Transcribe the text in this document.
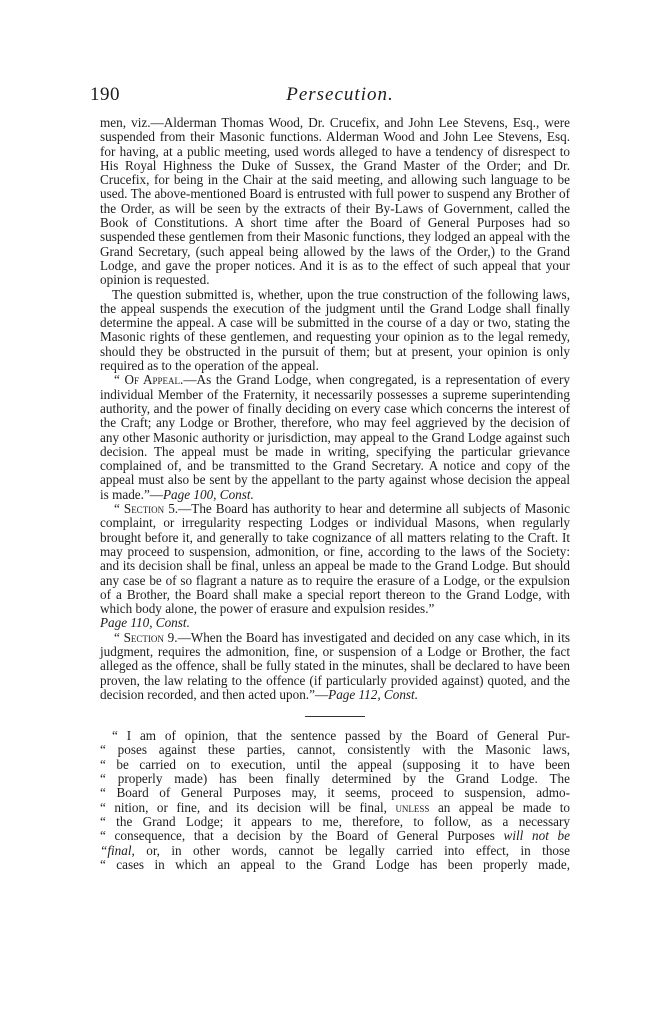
190	Persecution.

men, viz.—Alderman Thomas Wood, Dr. Crucefix, and John Lee Stevens, Esq., were suspended from their Masonic functions. Alderman Wood and John Lee Stevens, Esq. for having, at a public meeting, used words alleged to have a tendency of disrespect to His Royal Highness the Duke of Sussex, the Grand Master of the Order; and Dr. Crucefix, for being in the Chair at the said meeting, and allowing such language to be used. The above-mentioned Board is entrusted with full power to suspend any Brother of the Order, as will be seen by the extracts of their By-Laws of Government, called the Book of Constitutions. A short time after the Board of General Purposes had so suspended these gentlemen from their Masonic functions, they lodged an appeal with the Grand Secretary, (such appeal being allowed by the laws of the Order,) to the Grand Lodge, and gave the proper notices. And it is as to the effect of such appeal that your opinion is requested.

The question submitted is, whether, upon the true construction of the following laws, the appeal suspends the execution of the judgment until the Grand Lodge shall finally determine the appeal. A case will be submitted in the course of a day or two, stating the Masonic rights of these gentlemen, and requesting your opinion as to the legal remedy, should they be obstructed in the pursuit of them; but at present, your opinion is only required as to the operation of the appeal.

“ Of Appeal.—As the Grand Lodge, when congregated, is a representation of every individual Member of the Fraternity, it necessarily possesses a supreme superintending authority, and the power of finally deciding on every case which concerns the interest of the Craft; any Lodge or Brother, therefore, who may feel aggrieved by the decision of any other Masonic authority or jurisdiction, may appeal to the Grand Lodge against such decision. The appeal must be made in writing, specifying the particular grievance complained of, and be transmitted to the Grand Secretary. A notice and copy of the appeal must also be sent by the appellant to the party against whose decision the appeal is made.”—Page 100, Const.

“ Section 5.—The Board has authority to hear and determine all subjects of Masonic complaint, or irregularity respecting Lodges or individual Masons, when regularly brought before it, and generally to take cognizance of all matters relating to the Craft. It may proceed to suspension, admonition, or fine, according to the laws of the Society: and its decision shall be final, unless an appeal be made to the Grand Lodge. But should any case be of so flagrant a nature as to require the erasure of a Lodge, or the expulsion of a Brother, the Board shall make a special report thereon to the Grand Lodge, with which body alone, the power of erasure and expulsion resides.”
Page 110, Const.

“ Section 9.—When the Board has investigated and decided on any case which, in its judgment, requires the admonition, fine, or suspension of a Lodge or Brother, the fact alleged as the offence, shall be fully stated in the minutes, shall be declared to have been proven, the law relating to the offence (if particularly provided against) quoted, and the decision recorded, and then acted upon.”—Page 112, Const.

“ I am of opinion, that the sentence passed by the Board of General Pur-
“ poses against these parties, cannot, consistently with the Masonic laws,
“ be carried on to execution, until the appeal (supposing it to have been
“ properly made) has been finally determined by the Grand Lodge. The
“ Board of General Purposes may, it seems, proceed to suspension, admo-
“ nition, or fine, and its decision will be final, unless an appeal be made to
“ the Grand Lodge; it appears to me, therefore, to follow, as a necessary
“ consequence, that a decision by the Board of General Purposes will not be
“final, or, in other words, cannot be legally carried into effect, in those
“ cases in which an appeal to the Grand Lodge has been properly made,
